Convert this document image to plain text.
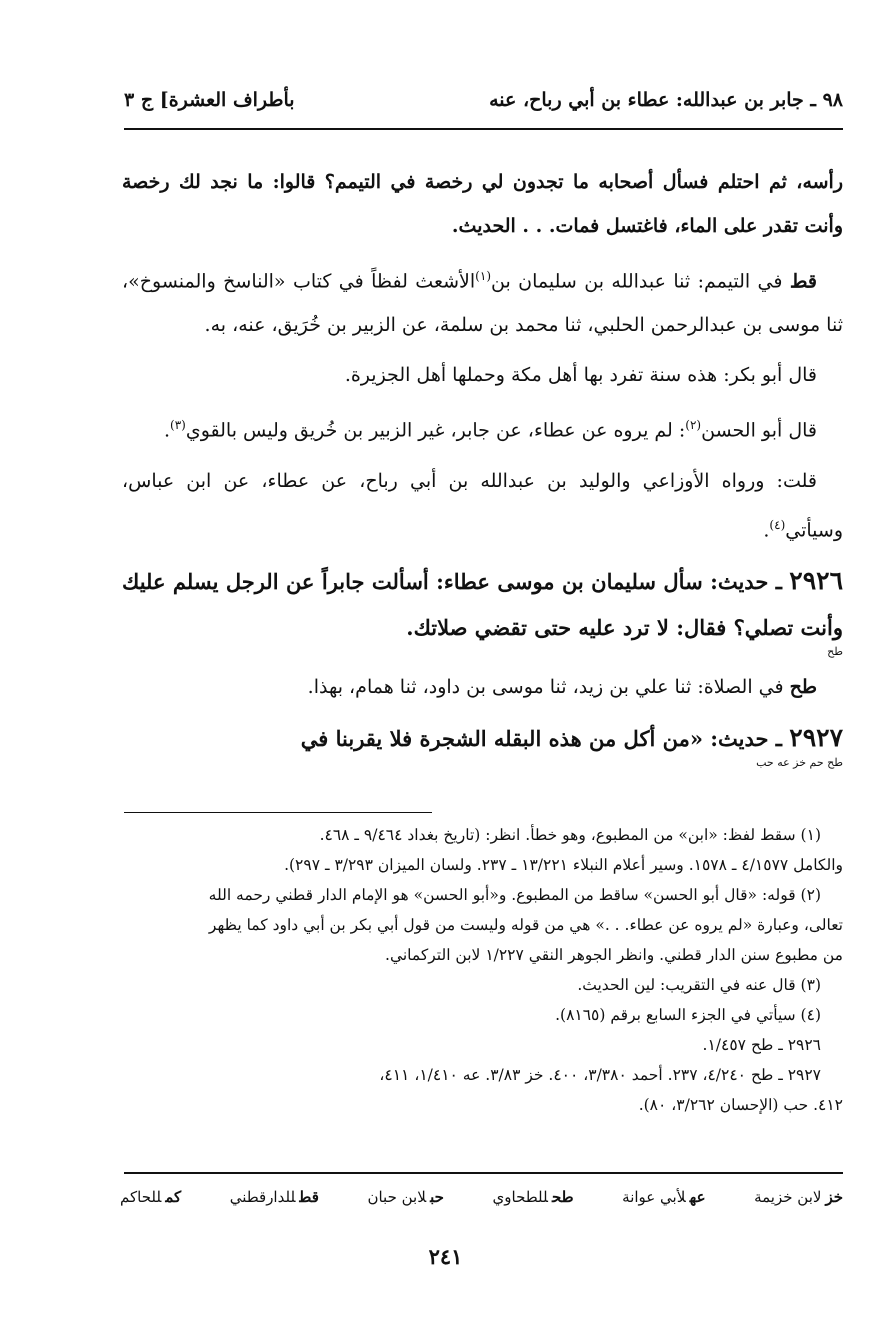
٩٨ ـ جابر بن عبدالله: عطاء بن أبي رباح، عنه
بأطراف العشرة] ج ٣

رأسه، ثم احتلم فسأل أصحابه ما تجدون لي رخصة في التيمم؟ قالوا: ما نجد لك رخصة وأنت تقدر على الماء، فاغتسل فمات. . . الحديث.

قط في التيمم: ثنا عبدالله بن سليمان بن$^{(١)}$الأشعث لفظاً في كتاب «الناسخ والمنسوخ»، ثنا موسى بن عبدالرحمن الحلبي، ثنا محمد بن سلمة، عن الزبير بن خُرَيق، عنه، به.

قال أبو بكر: هذه سنة تفرد بها أهل مكة وحملها أهل الجزيرة.

قال أبو الحسن$^{(٢)}$: لم يروه عن عطاء، عن جابر، غير الزبير بن خُريق وليس بالقوي$^{(٣)}$.

قلت: ورواه الأوزاعي والوليد بن عبدالله بن أبي رباح، عن عطاء، عن ابن عباس، وسيأتي$^{(٤)}$.

٢٩٢٦ ـ حديث: سأل سليمان بن موسى عطاء: أسألت جابراً عن الرجل يسلم عليك وأنت تصلي؟ فقال: لا ترد عليه حتى تقضي صلاتك.
طح

طح في الصلاة: ثنا علي بن زيد، ثنا موسى بن داود، ثنا همام، بهذا.

٢٩٢٧ ـ حديث: «من أكل من هذه البقله الشجرة فلا يقربنا في
طح حم خز عه حب

(١) سقط لفظ: «ابن» من المطبوع، وهو خطأ. انظر: (تاريخ بغداد ٩/٤٦٤ ـ ٤٦٨.

والكامل ٤/١٥٧٧ ـ ١٥٧٨. وسير أعلام النبلاء ١٣/٢٢١ ـ ٢٣٧. ولسان الميزان ٣/٢٩٣ ـ ٢٩٧).

(٢) قوله: «قال أبو الحسن» ساقط من المطبوع. و«أبو الحسن» هو الإمام الدار قطني رحمه الله

تعالى، وعبارة «لم يروه عن عطاء. . .» هي من قوله وليست من قول أبي بكر بن أبي داود كما يظهر

من مطبوع سنن الدار قطني. وانظر الجوهر النقي ١/٢٢٧ لابن التركماني.

(٣) قال عنه في التقريب: لين الحديث.

(٤) سيأتي في الجزء السابع برقم (٨١٦٥).

٢٩٢٦ ـ طح ١/٤٥٧.

٢٩٢٧ ـ طح ٤/٢٤٠، ٢٣٧. أحمد ٣/٣٨٠، ٤٠٠. خز ٣/٨٣. عه ١/٤١٠، ٤١١،

٤١٢. حب (الإحسان ٣/٢٦٢، ٨٠).

خزلابن خزيمة
عهلأبي عوانة
طحللطحاوي
حبلابن حبان
قطللدارقطني
كمللحاكم
٢٤١
